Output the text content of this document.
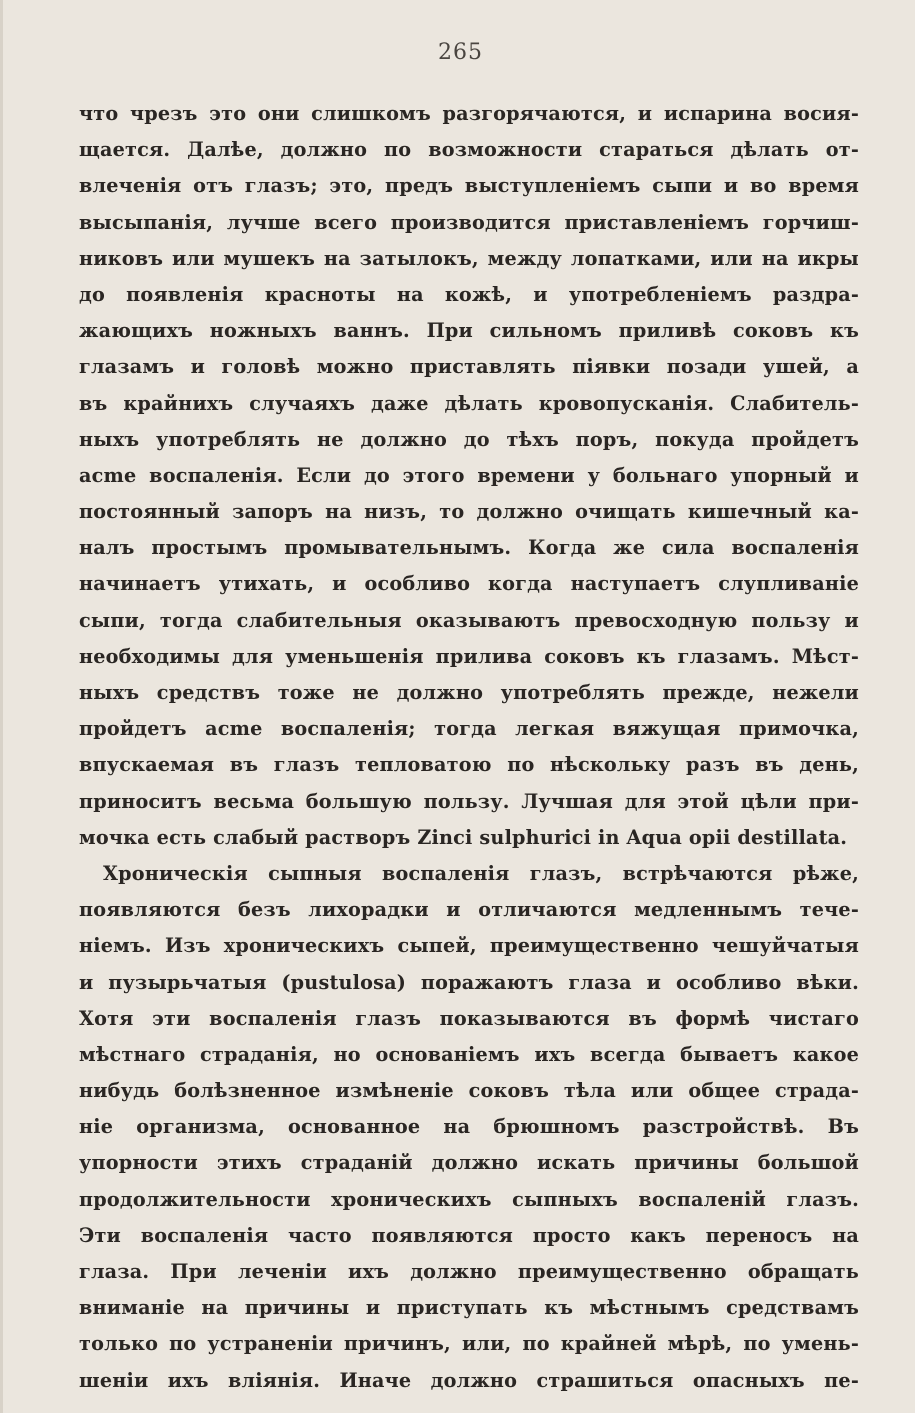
265
что чрезъ это они слишкомъ разгорячаются, и испарина восия-
щается. Далѣе, должно по возможности стараться дѣлать от-
влеченія отъ глазъ; это, предъ выступленіемъ сыпи и во время
высыпанія, лучше всего производится приставленіемъ горчиш-
никовъ или мушекъ на затылокъ, между лопатками, или на икры
до появленія краснoты на кожѣ, и употребленіемъ раздра-
жающихъ ножныхъ ваннъ. При сильномъ приливѣ соковъ къ
глазамъ и головѣ можно приставлять піявки позади ушей, а
въ крайнихъ случаяхъ даже дѣлать кровопусканія. Слабитель-
ныхъ употреблять не должно до тѣхъ поръ, покуда пройдетъ
acme воспаленія. Если до этого времени у больнаго упорный и
постоянный запоръ на низъ, то должно очищать кишечный ка-
налъ простымъ промывательнымъ. Когда же сила воспаленія
начинаетъ утихать, и особливо когда наступаетъ слупливаніе
сыпи, тогда слабительныя оказываютъ превосходную пользу и
необходимы для уменьшенія прилива соковъ къ глазамъ. Мѣст-
ныхъ средствъ тоже не должно употреблять прежде, нежели
пройдетъ acme воспаленія; тогда легкая вяжущая примочка,
впускаемая въ глазъ тепловатою по нѣскольку разъ въ день,
приноситъ весьма большую пользу. Лучшая для этой цѣли при-
мочка есть слабый растворъ Zinci sulphurici in Aqua opii destillata.
Хроническія сыпныя воспаленія глазъ, встрѣчаются рѣже,
появляются безъ лихорадки и отличаются медленнымъ тече-
ніемъ. Изъ хроническихъ сыпей, преимущественно чешуйчатыя
и пузырьчатыя (pustulosa) поражаютъ глаза и особливо вѣки.
Хотя эти воспаленія глазъ показываются въ формѣ чистаго
мѣстнаго страданія, но основаніемъ ихъ всегда бываетъ какое
нибудь болѣзненное измѣненіе соковъ тѣла или общее страда-
ніе организма, основанное на брюшномъ разстройствѣ. Въ
упорности этихъ страданій должно искать причины большой
продолжительности хроническихъ сыпныхъ воспаленій глазъ.
Эти воспаленія часто появляются просто какъ переносъ на
глаза. При леченіи ихъ должно преимущественно обращать
вниманіе на причины и приступать къ мѣстнымъ средствамъ
только по устраненіи причинъ, или, по крайней мѣрѣ, по умень-
шеніи ихъ вліянія. Иначе должно страшиться опасныхъ пе-
